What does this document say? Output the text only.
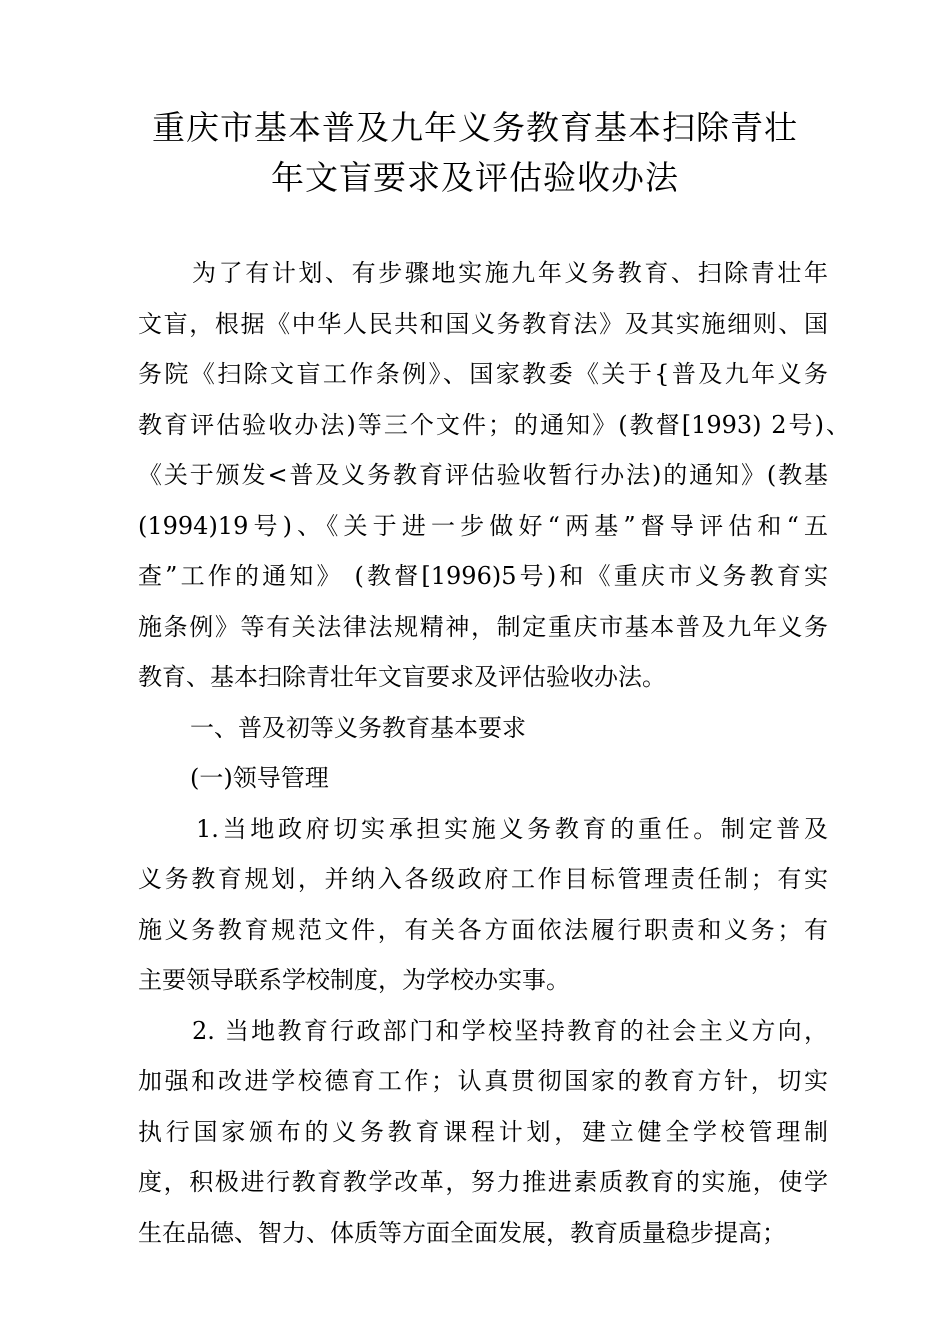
重庆市基本普及九年义务教育基本扫除青壮
年文盲要求及评估验收办法
为了有计划、有步骤地实施九年义务教育、扫除青壮年
文盲，根据《中华人民共和国义务教育法》及其实施细则、国
务院《扫除文盲工作条例》、国家教委《关于{普及九年义务
教育评估验收办法)等三个文件；的通知》(教督[1993) 2号)、
《关于颁发<普及义务教育评估验收暂行办法)的通知》(教基
(1994)19号)、《关于进一步做好“两基”督导评估和“五
查”工作的通知》 (教督[1996)5号)和《重庆市义务教育实
施条例》等有关法律法规精神，制定重庆市基本普及九年义务
教育、基本扫除青壮年文盲要求及评估验收办法。
一、普及初等义务教育基本要求
(一)领导管理
1.当地政府切实承担实施义务教育的重任。制定普及
义务教育规划，并纳入各级政府工作目标管理责任制；有实
施义务教育规范文件，有关各方面依法履行职责和义务；有
主要领导联系学校制度，为学校办实事。
2. 当地教育行政部门和学校坚持教育的社会主义方向，
加强和改进学校德育工作；认真贯彻国家的教育方针，切实
执行国家颁布的义务教育课程计划，建立健全学校管理制
度，积极进行教育教学改革，努力推进素质教育的实施，使学
生在品德、智力、体质等方面全面发展，教育质量稳步提高；
